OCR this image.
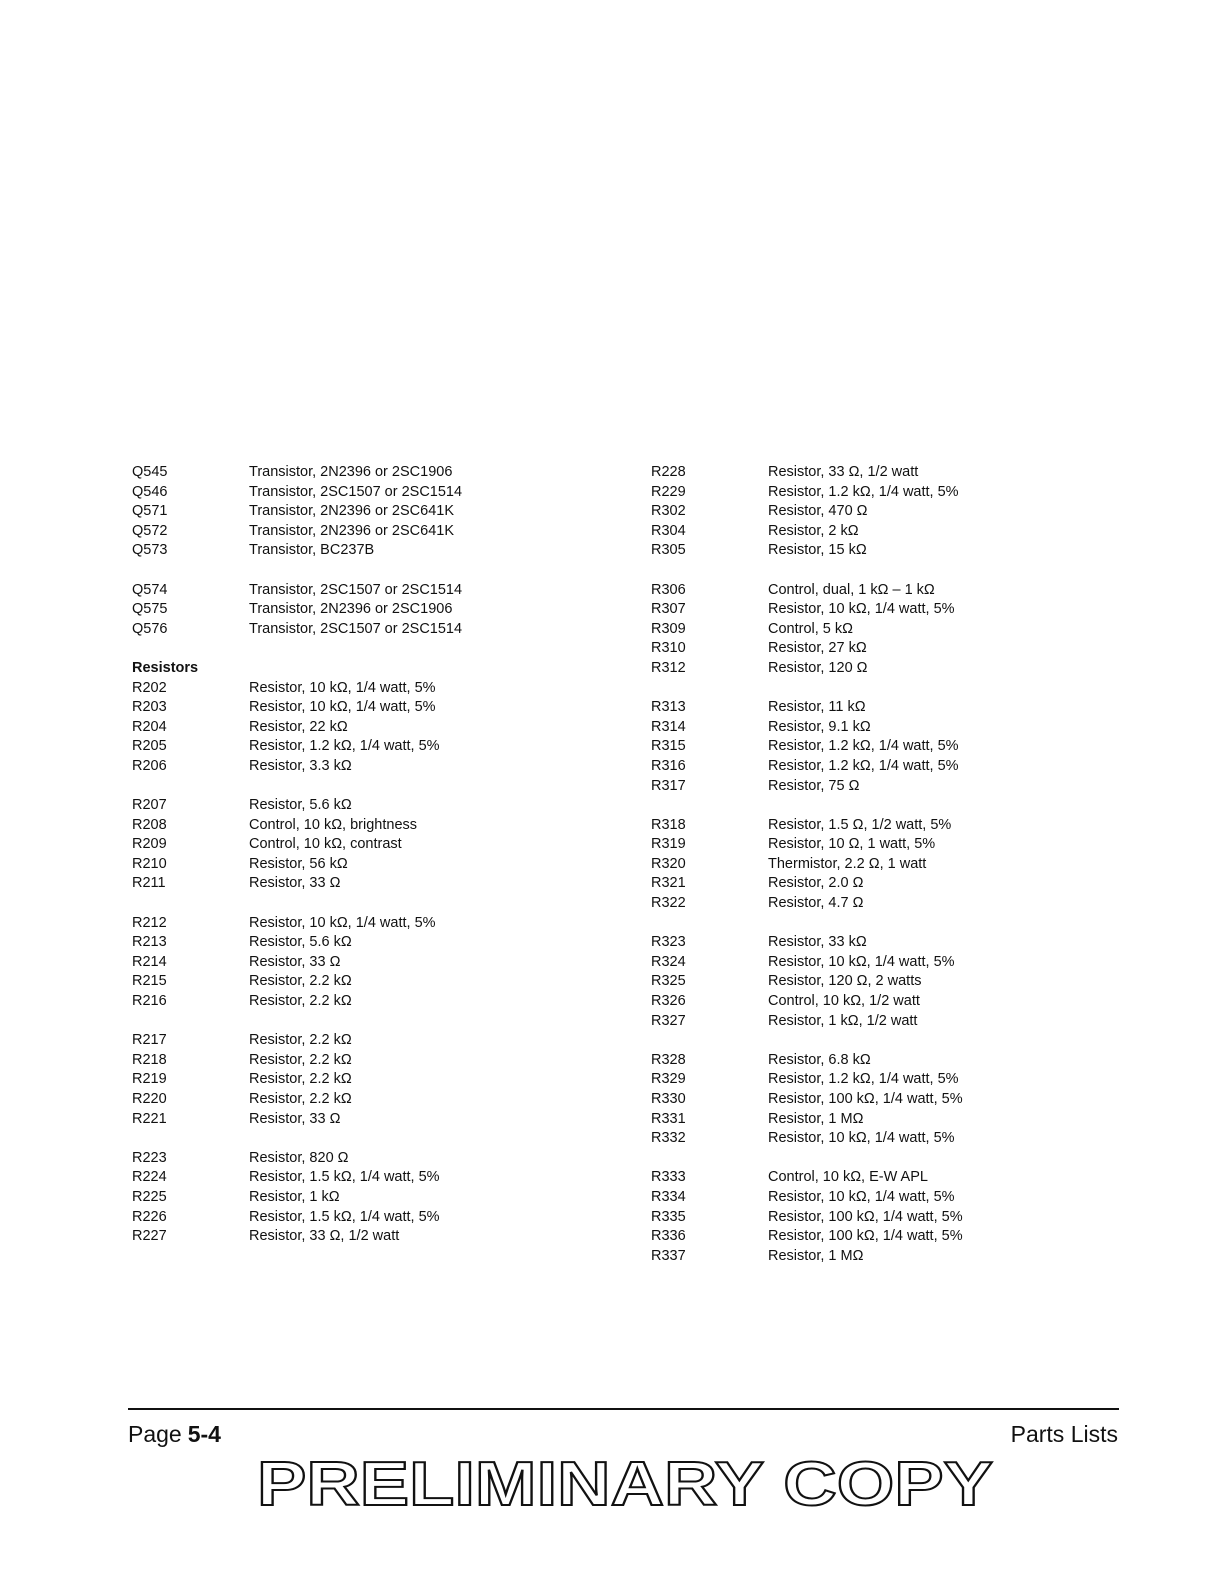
Q545	Transistor, 2N2396 or 2SC1906
Q546	Transistor, 2SC1507 or 2SC1514
Q571	Transistor, 2N2396 or 2SC641K
Q572	Transistor, 2N2396 or 2SC641K
Q573	Transistor, BC237B
Q574	Transistor, 2SC1507 or 2SC1514
Q575	Transistor, 2N2396 or 2SC1906
Q576	Transistor, 2SC1507 or 2SC1514
Resistors
R202	Resistor, 10 kΩ, 1/4 watt, 5%
R203	Resistor, 10 kΩ, 1/4 watt, 5%
R204	Resistor, 22 kΩ
R205	Resistor, 1.2 kΩ, 1/4 watt, 5%
R206	Resistor, 3.3 kΩ
R207	Resistor, 5.6 kΩ
R208	Control, 10 kΩ, brightness
R209	Control, 10 kΩ, contrast
R210	Resistor, 56 kΩ
R211	Resistor, 33 Ω
R212	Resistor, 10 kΩ, 1/4 watt, 5%
R213	Resistor, 5.6 kΩ
R214	Resistor, 33 Ω
R215	Resistor, 2.2 kΩ
R216	Resistor, 2.2 kΩ
R217	Resistor, 2.2 kΩ
R218	Resistor, 2.2 kΩ
R219	Resistor, 2.2 kΩ
R220	Resistor, 2.2 kΩ
R221	Resistor, 33 Ω
R223	Resistor, 820 Ω
R224	Resistor, 1.5 kΩ, 1/4 watt, 5%
R225	Resistor, 1 kΩ
R226	Resistor, 1.5 kΩ, 1/4 watt, 5%
R227	Resistor, 33 Ω, 1/2 watt
R228	Resistor, 33 Ω, 1/2 watt
R229	Resistor, 1.2 kΩ, 1/4 watt, 5%
R302	Resistor, 470 Ω
R304	Resistor, 2 kΩ
R305	Resistor, 15 kΩ
R306	Control, dual, 1 kΩ – 1 kΩ
R307	Resistor, 10 kΩ, 1/4 watt, 5%
R309	Control, 5 kΩ
R310	Resistor, 27 kΩ
R312	Resistor, 120 Ω
R313	Resistor, 11 kΩ
R314	Resistor, 9.1 kΩ
R315	Resistor, 1.2 kΩ, 1/4 watt, 5%
R316	Resistor, 1.2 kΩ, 1/4 watt, 5%
R317	Resistor, 75 Ω
R318	Resistor, 1.5 Ω, 1/2 watt, 5%
R319	Resistor, 10 Ω, 1 watt, 5%
R320	Thermistor, 2.2 Ω, 1 watt
R321	Resistor, 2.0 Ω
R322	Resistor, 4.7 Ω
R323	Resistor, 33 kΩ
R324	Resistor, 10 kΩ, 1/4 watt, 5%
R325	Resistor, 120 Ω, 2 watts
R326	Control, 10 kΩ, 1/2 watt
R327	Resistor, 1 kΩ, 1/2 watt
R328	Resistor, 6.8 kΩ
R329	Resistor, 1.2 kΩ, 1/4 watt, 5%
R330	Resistor, 100 kΩ, 1/4 watt, 5%
R331	Resistor, 1 MΩ
R332	Resistor, 10 kΩ, 1/4 watt, 5%
R333	Control, 10 kΩ, E-W APL
R334	Resistor, 10 kΩ, 1/4 watt, 5%
R335	Resistor, 100 kΩ, 1/4 watt, 5%
R336	Resistor, 100 kΩ, 1/4 watt, 5%
R337	Resistor, 1 MΩ
Page 5-4	Parts Lists
PRELIMINARY COPY
